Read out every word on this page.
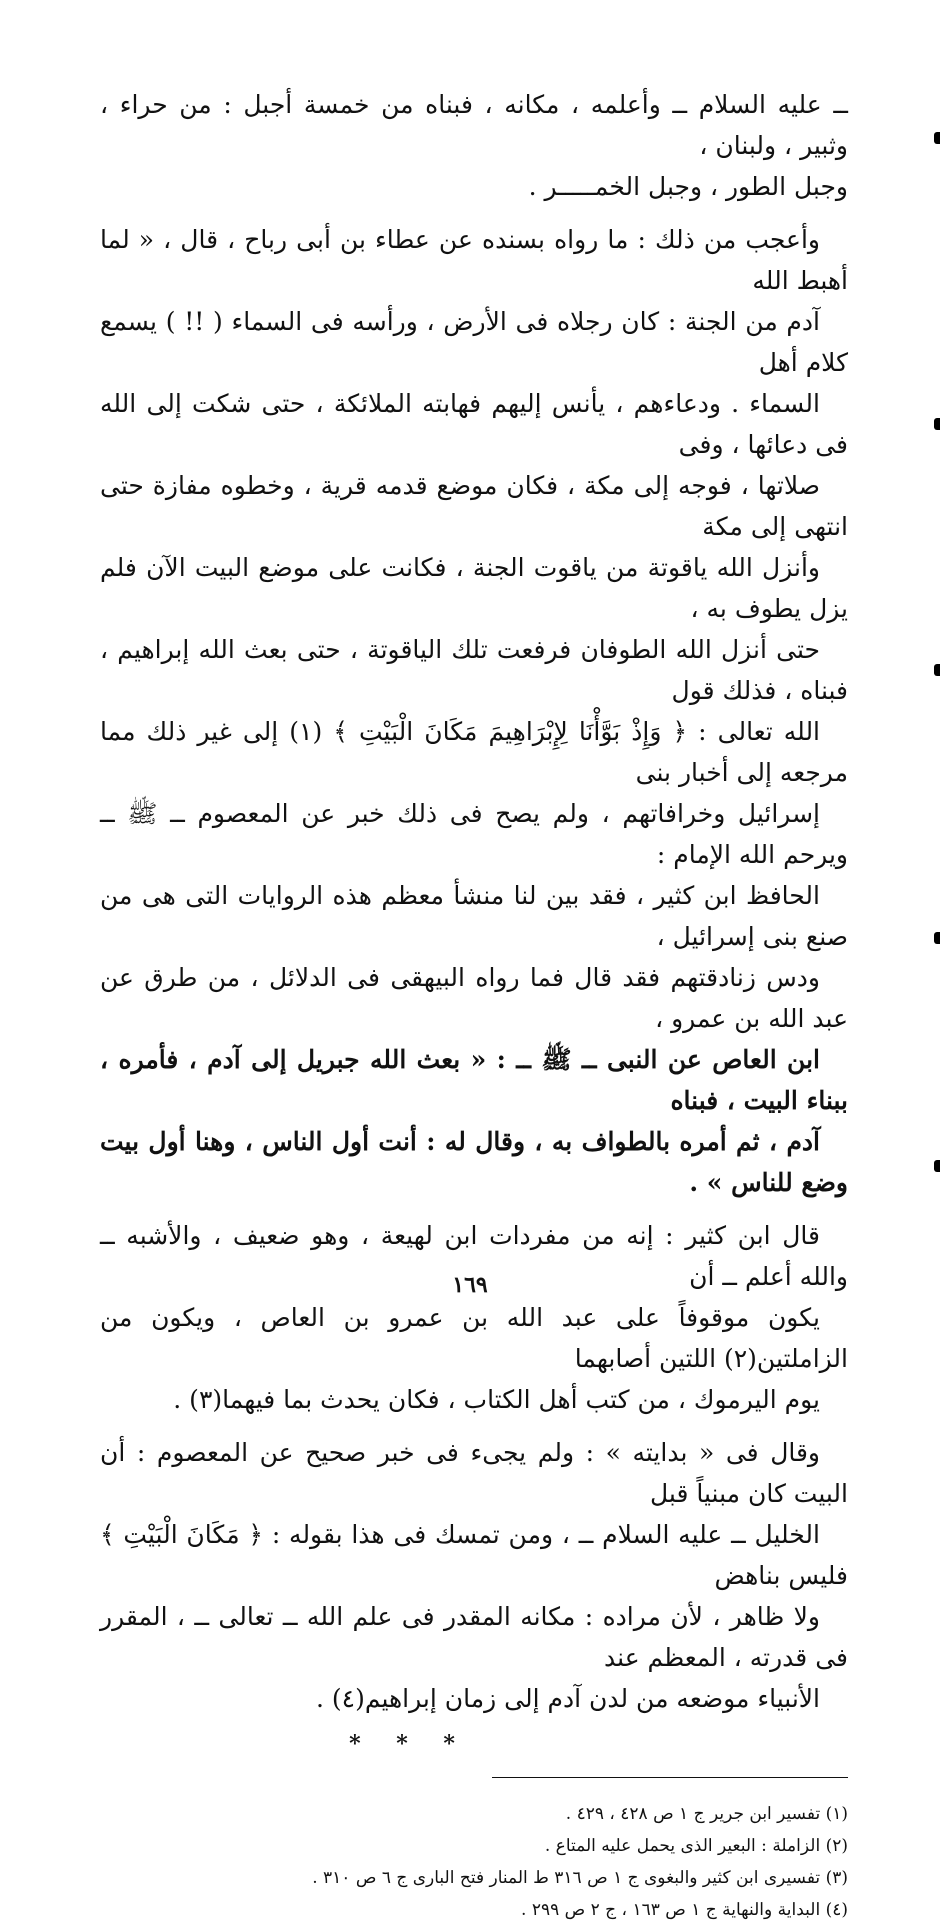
ــ عليه السلام ــ وأعلمه ، مكانه ، فبناه من خمسة أجبل : من حراء ، وثبير ، ولبنان ،
وجبل الطور ، وجبل الخمـــــر .
وأعجب من ذلك : ما رواه بسنده عن عطاء بن أبى رباح ، قال ، « لما أهبط الله
آدم من الجنة : كان رجلاه فى الأرض ، ورأسه فى السماء ( !! ) يسمع كلام أهل
السماء . ودعاءهم ، يأنس إليهم فهابته الملائكة ، حتى شكت إلى الله فى دعائها ، وفى
صلاتها ، فوجه إلى مكة ، فكان موضع قدمه قرية ، وخطوه مفازة حتى انتهى إلى مكة
وأنزل الله ياقوتة من ياقوت الجنة ، فكانت على موضع البيت الآن فلم يزل يطوف به ،
حتى أنزل الله الطوفان فرفعت تلك الياقوتة ، حتى بعث الله إبراهيم ، فبناه ، فذلك قول
الله تعالى : ﴿ وَإِذْ بَوَّأْنَا لِإِبْرَاهِيمَ مَكَانَ الْبَيْتِ ﴾ (١) إلى غير ذلك مما مرجعه إلى أخبار بنى
إسرائيل وخرافاتهم ، ولم يصح فى ذلك خبر عن المعصوم ــ ﷺ ــ ويرحم الله الإمام :
الحافظ ابن كثير ، فقد بين لنا منشأ معظم هذه الروايات التى هى من صنع بنى إسرائيل ،
ودس زنادقتهم فقد قال فما رواه البيهقى فى الدلائل ، من طرق عن عبد الله بن عمرو ،
ابن العاص عن النبى ــ ﷺ ــ : « بعث الله جبريل إلى آدم ، فأمره ، ببناء البيت ، فبناه
آدم ، ثم أمره بالطواف به ، وقال له : أنت أول الناس ، وهنا أول بيت وضع للناس » .
قال ابن كثير : إنه من مفردات ابن لهيعة ، وهو ضعيف ، والأشبه ــ والله أعلم ــ أن
يكون موقوفاً على عبد الله بن عمرو بن العاص ، ويكون من الزاملتين(٢) اللتين أصابهما
يوم اليرموك ، من كتب أهل الكتاب ، فكان يحدث بما فيهما(٣) .
وقال فى « بدايته » : ولم يجىء فى خبر صحيح عن المعصوم : أن البيت كان مبنياً قبل
الخليل ــ عليه السلام ــ ، ومن تمسك فى هذا بقوله : ﴿ مَكَانَ الْبَيْتِ ﴾ فليس بناهض
ولا ظاهر ، لأن مراده : مكانه المقدر فى علم الله ــ تعالى ــ ، المقرر فى قدرته ، المعظم عند
الأنبياء موضعه من لدن آدم إلى زمان إبراهيم(٤) .
* * *
(١) تفسير ابن جرير ج ١ ص ٤٢٨ ، ٤٢٩ .
(٢) الزاملة : البعير الذى يحمل عليه المتاع .
(٣) تفسيرى ابن كثير والبغوى ج ١ ص ٣١٦ ط المنار فتح البارى ج ٦ ص ٣١٠ .
(٤) البداية والنهاية ج ١ ص ١٦٣ ، ج ٢ ص ٢٩٩ .
١٦٩
